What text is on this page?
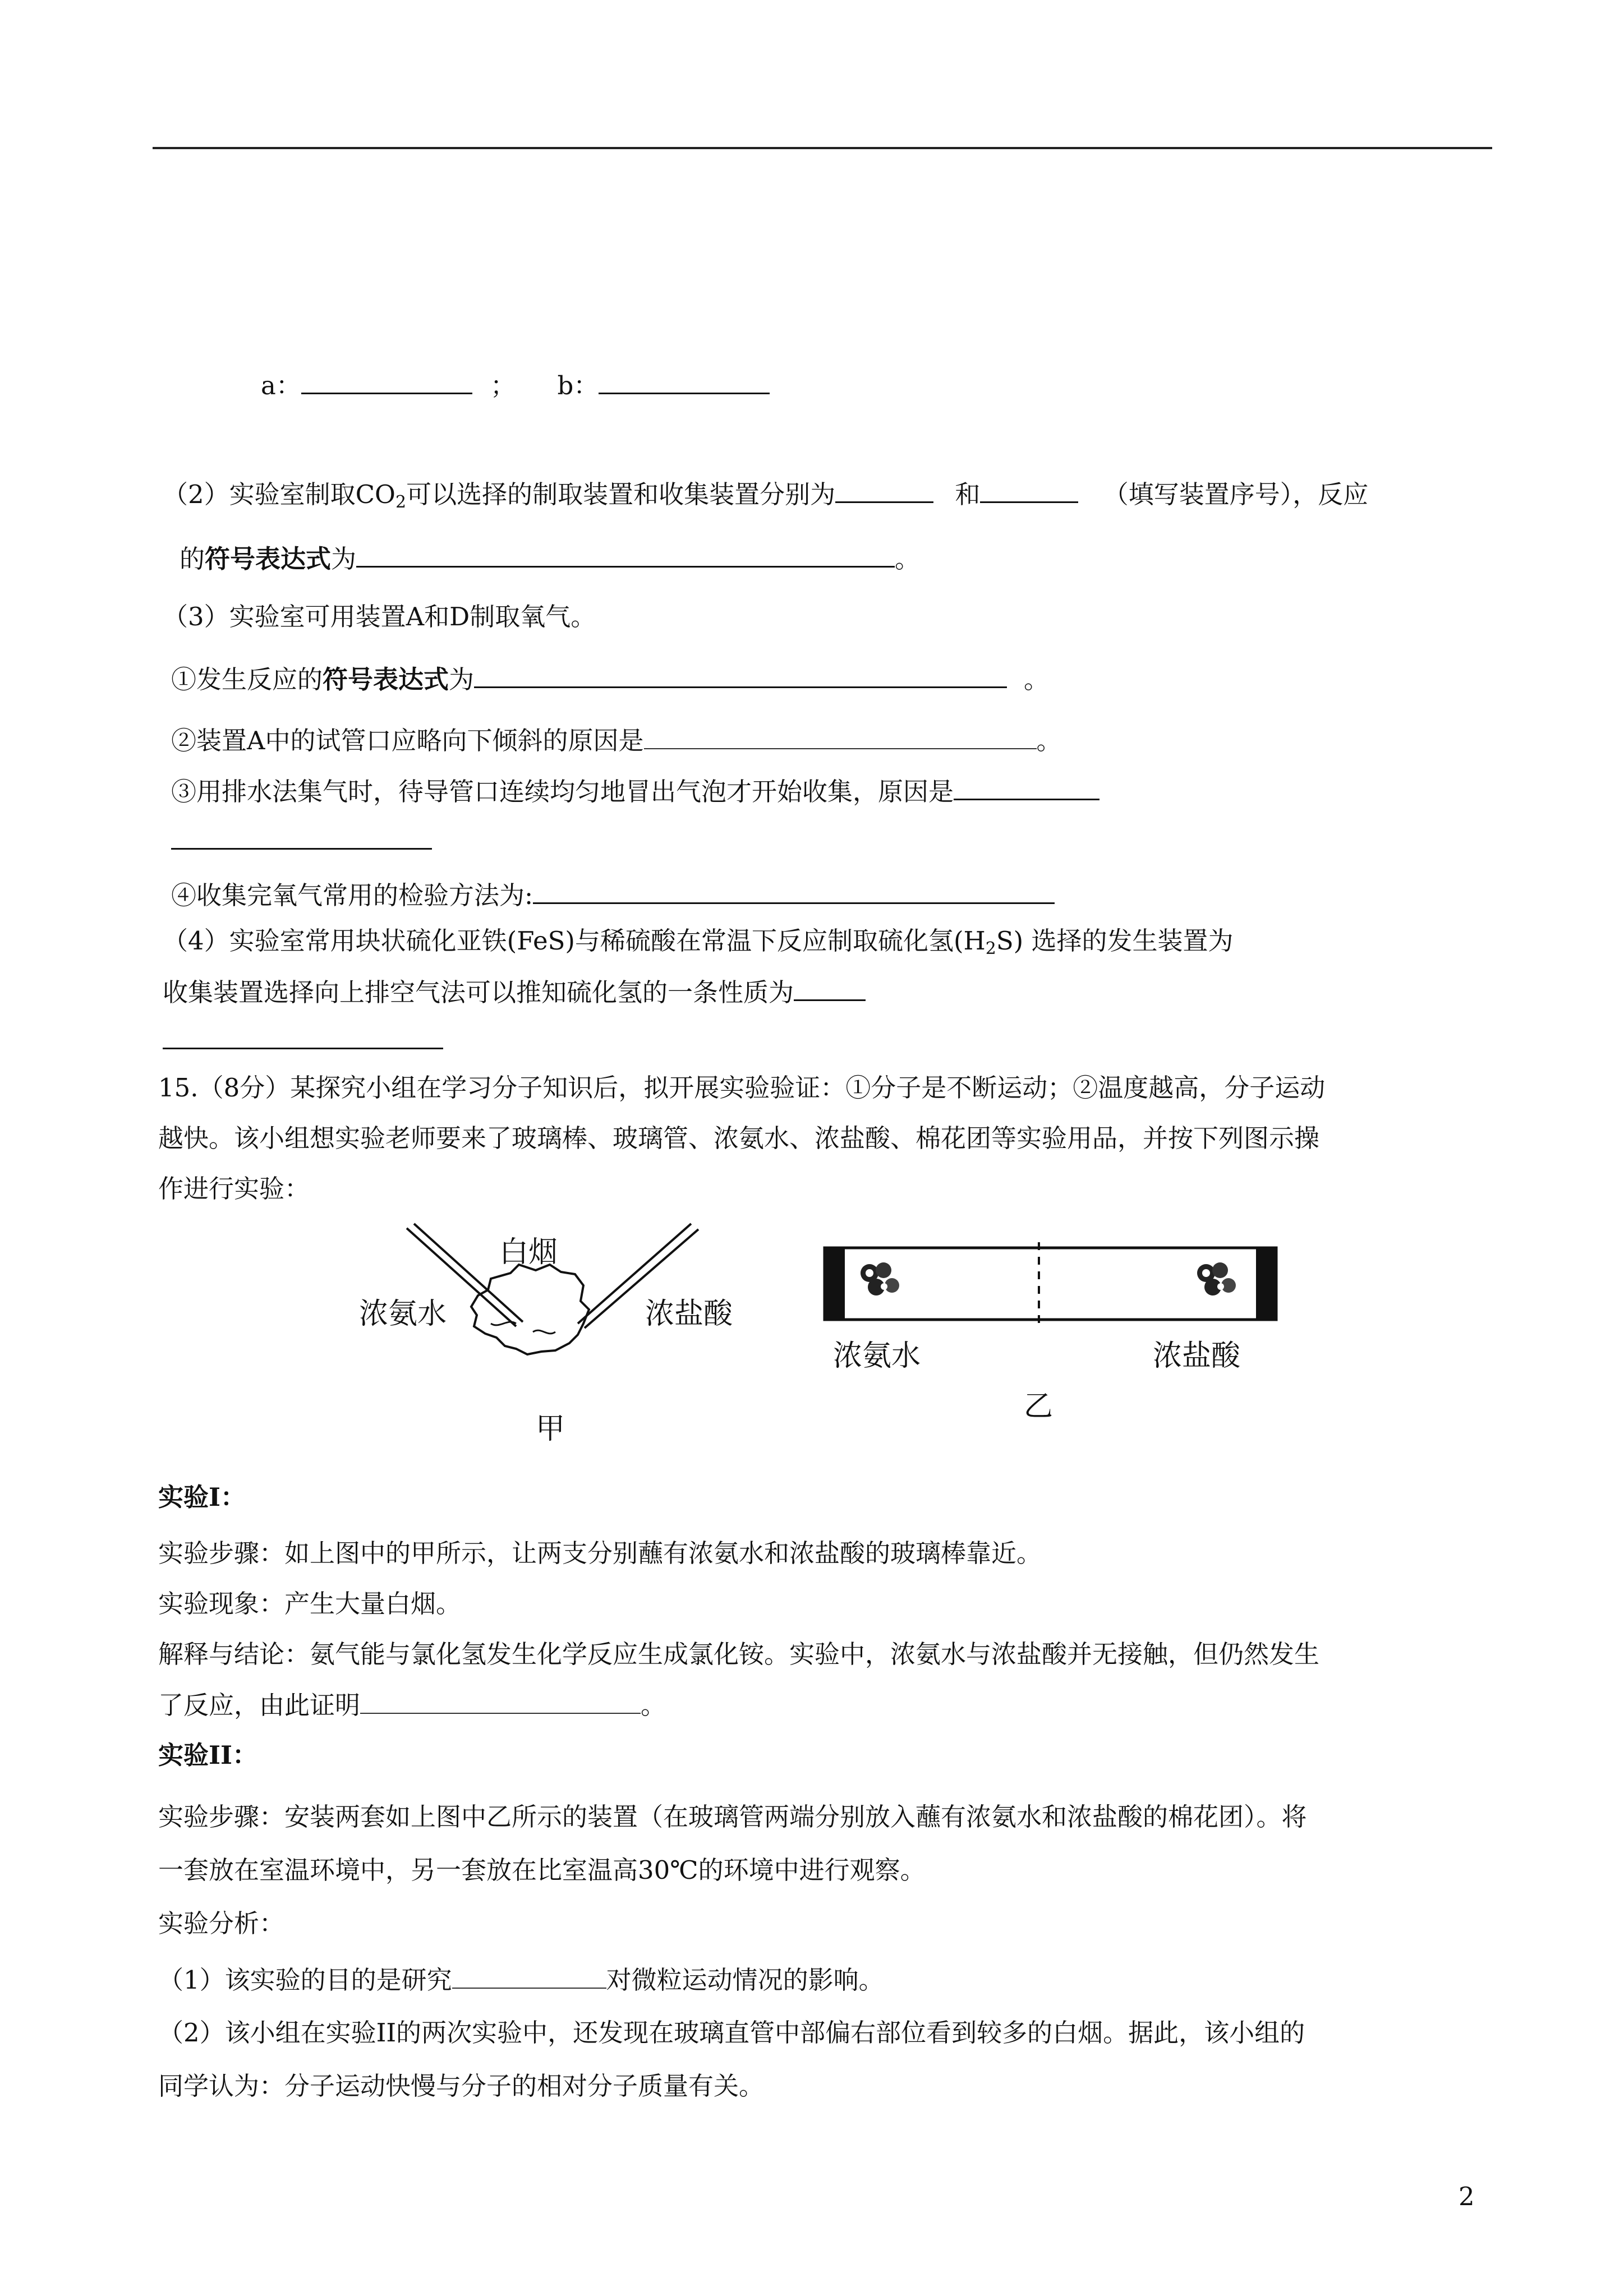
a：	； b：
（2）实验室制取$CO_2$可以选择的制取装置和收集装置分别为	和	（填写装置序号），反应
的符号表达式为	。
（3）实验室可用装置A和D制取氧气。
①发生反应的符号表达式为	。
②装置A中的试管口应略向下倾斜的原因是	。
③用排水法集气时，待导管口连续均匀地冒出气泡才开始收集，原因是
④收集完氧气常用的检验方法为:
（4）实验室常用块状硫化亚铁(FeS)与稀硫酸在常温下反应制取硫化氢$(H_2S)$ 选择的发生装置为
收集装置选择向上排空气法可以推知硫化氢的一条性质为
15.（8分）某探究小组在学习分子知识后，拟开展实验验证：①分子是不断运动；②温度越高，分子运动
越快。该小组想实验老师要来了玻璃棒、玻璃管、浓氨水、浓盐酸、棉花团等实验用品，并按下列图示操
作进行实验：
白烟
浓氨水	浓盐酸
甲
浓氨水	浓盐酸
乙
实验I：
实验步骤：如上图中的甲所示，让两支分别蘸有浓氨水和浓盐酸的玻璃棒靠近。
实验现象：产生大量白烟。
解释与结论：氨气能与氯化氢发生化学反应生成氯化铵。实验中，浓氨水与浓盐酸并无接触，但仍然发生
了反应，由此证明	。
实验II：
实验步骤：安装两套如上图中乙所示的装置（在玻璃管两端分别放入蘸有浓氨水和浓盐酸的棉花团）。将
一套放在室温环境中，另一套放在比室温高30℃的环境中进行观察。
实验分析：
（1）该实验的目的是研究	对微粒运动情况的影响。
（2）该小组在实验II的两次实验中，还发现在玻璃直管中部偏右部位看到较多的白烟。据此，该小组的
同学认为：分子运动快慢与分子的相对分子质量有关。
2
